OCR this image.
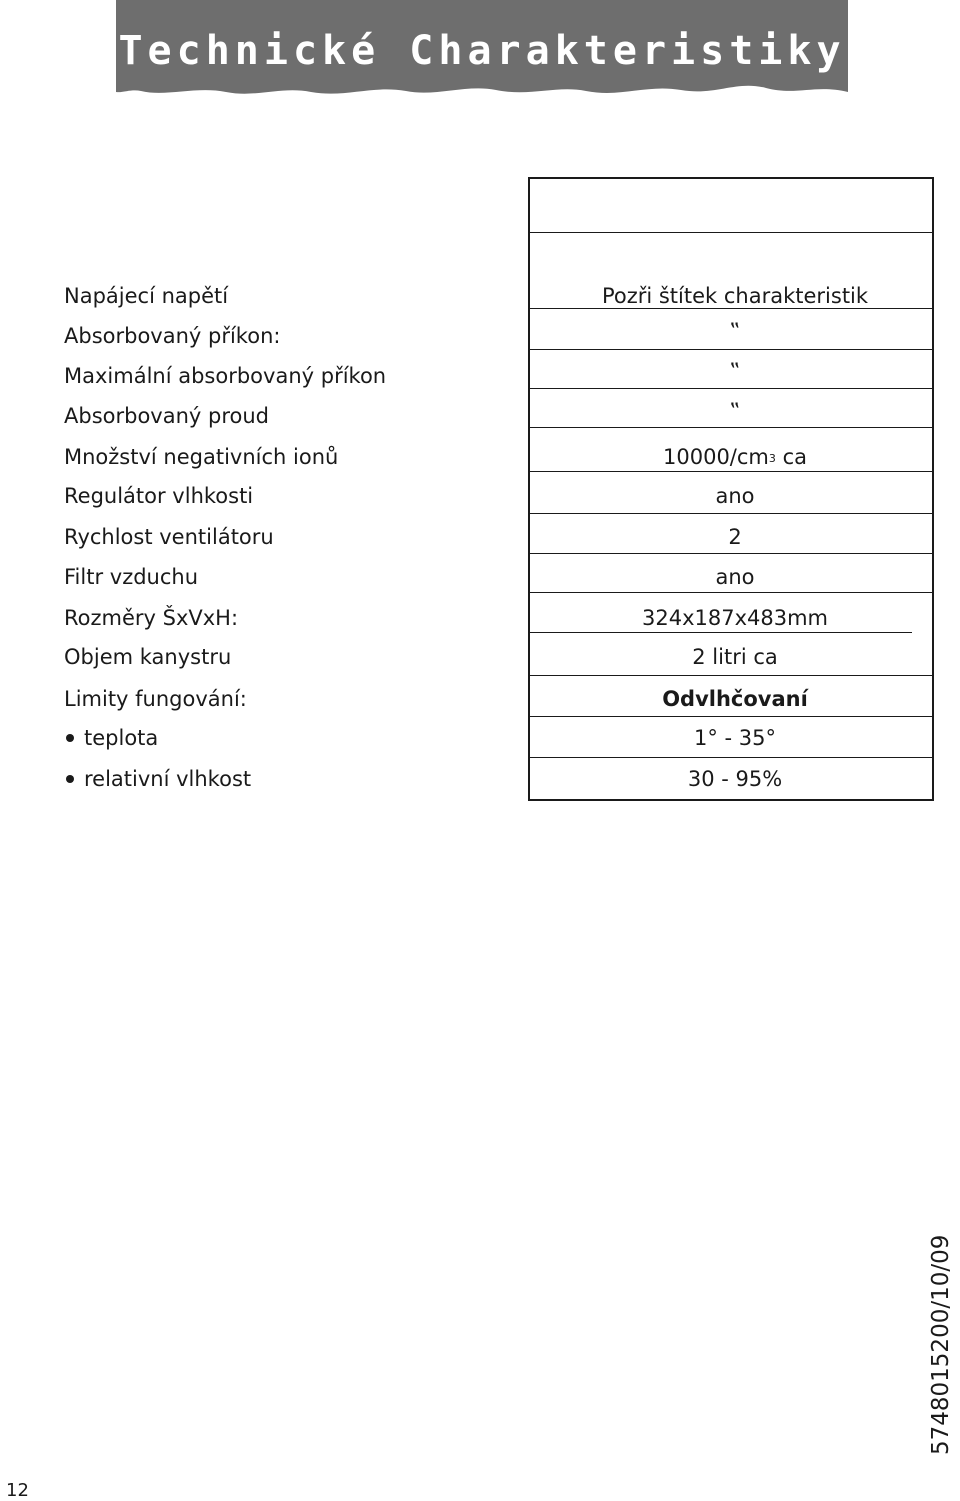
Technické Charakteristiky
Napájecí napětí	Pozři štítek charakteristik
Absorbovaný příkon:	‟
Maximální absorbovaný příkon	‟
Absorbovaný proud	‟
Množství negativních ionů	$10000/cm^3$ ca
Regulátor vlhkosti	ano
Rychlost ventilátoru	2
Filtr vzduchu	ano
Rozměry ŠxVxH:	324x187x483mm
Objem kanystru	2 litri ca
Limity fungování:	Odvlhčovaní
teplota	1° - 35°
relativní vlhkost	30 - 95%
5748015200/10/09
12
